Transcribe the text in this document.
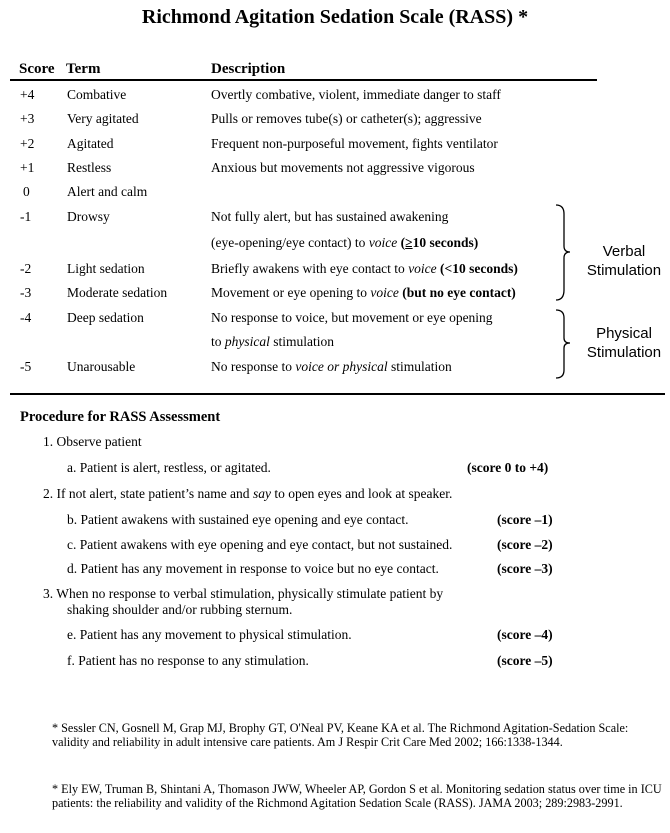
Richmond Agitation Sedation Scale (RASS) *
Score Term	Description
+4	Combative	Overtly combative, violent, immediate danger to staff
+3	Very agitated	Pulls or removes tube(s) or catheter(s); aggressive
+2	Agitated	Frequent non-purposeful movement, fights ventilator
+1	Restless	Anxious but movements not aggressive vigorous
0	Alert and calm
-1	Drowsy	Not fully alert, but has sustained awakening
(eye-opening/eye contact) to voice (≥10 seconds)
-2	Light sedation	Briefly awakens with eye contact to voice (<10 seconds)
-3	Moderate sedation	Movement or eye opening to voice (but no eye contact)
-4	Deep sedation	No response to voice, but movement or eye opening
to physical stimulation
-5	Unarousable	No response to voice or physical stimulation
Verbal
Stimulation
Physical
Stimulation
Procedure for RASS Assessment
1. Observe patient
a. Patient is alert, restless, or agitated.	(score 0 to +4)
2. If not alert, state patient’s name and say to open eyes and look at speaker.
b. Patient awakens with sustained eye opening and eye contact.	(score –1)
c. Patient awakens with eye opening and eye contact, but not sustained.	(score –2)
d. Patient has any movement in response to voice but no eye contact.	(score –3)
3. When no response to verbal stimulation, physically stimulate patient by
shaking shoulder and/or rubbing sternum.
e. Patient has any movement to physical stimulation.	(score –4)
f. Patient has no response to any stimulation.	(score –5)
* Sessler CN, Gosnell M, Grap MJ, Brophy GT, O'Neal PV, Keane KA et al. The Richmond Agitation-Sedation Scale: validity and reliability in adult intensive care patients. Am J Respir Crit Care Med 2002; 166:1338-1344.
* Ely EW, Truman B, Shintani A, Thomason JWW, Wheeler AP, Gordon S et al. Monitoring sedation status over time in ICU patients: the reliability and validity of the Richmond Agitation Sedation Scale (RASS). JAMA 2003; 289:2983-2991.
